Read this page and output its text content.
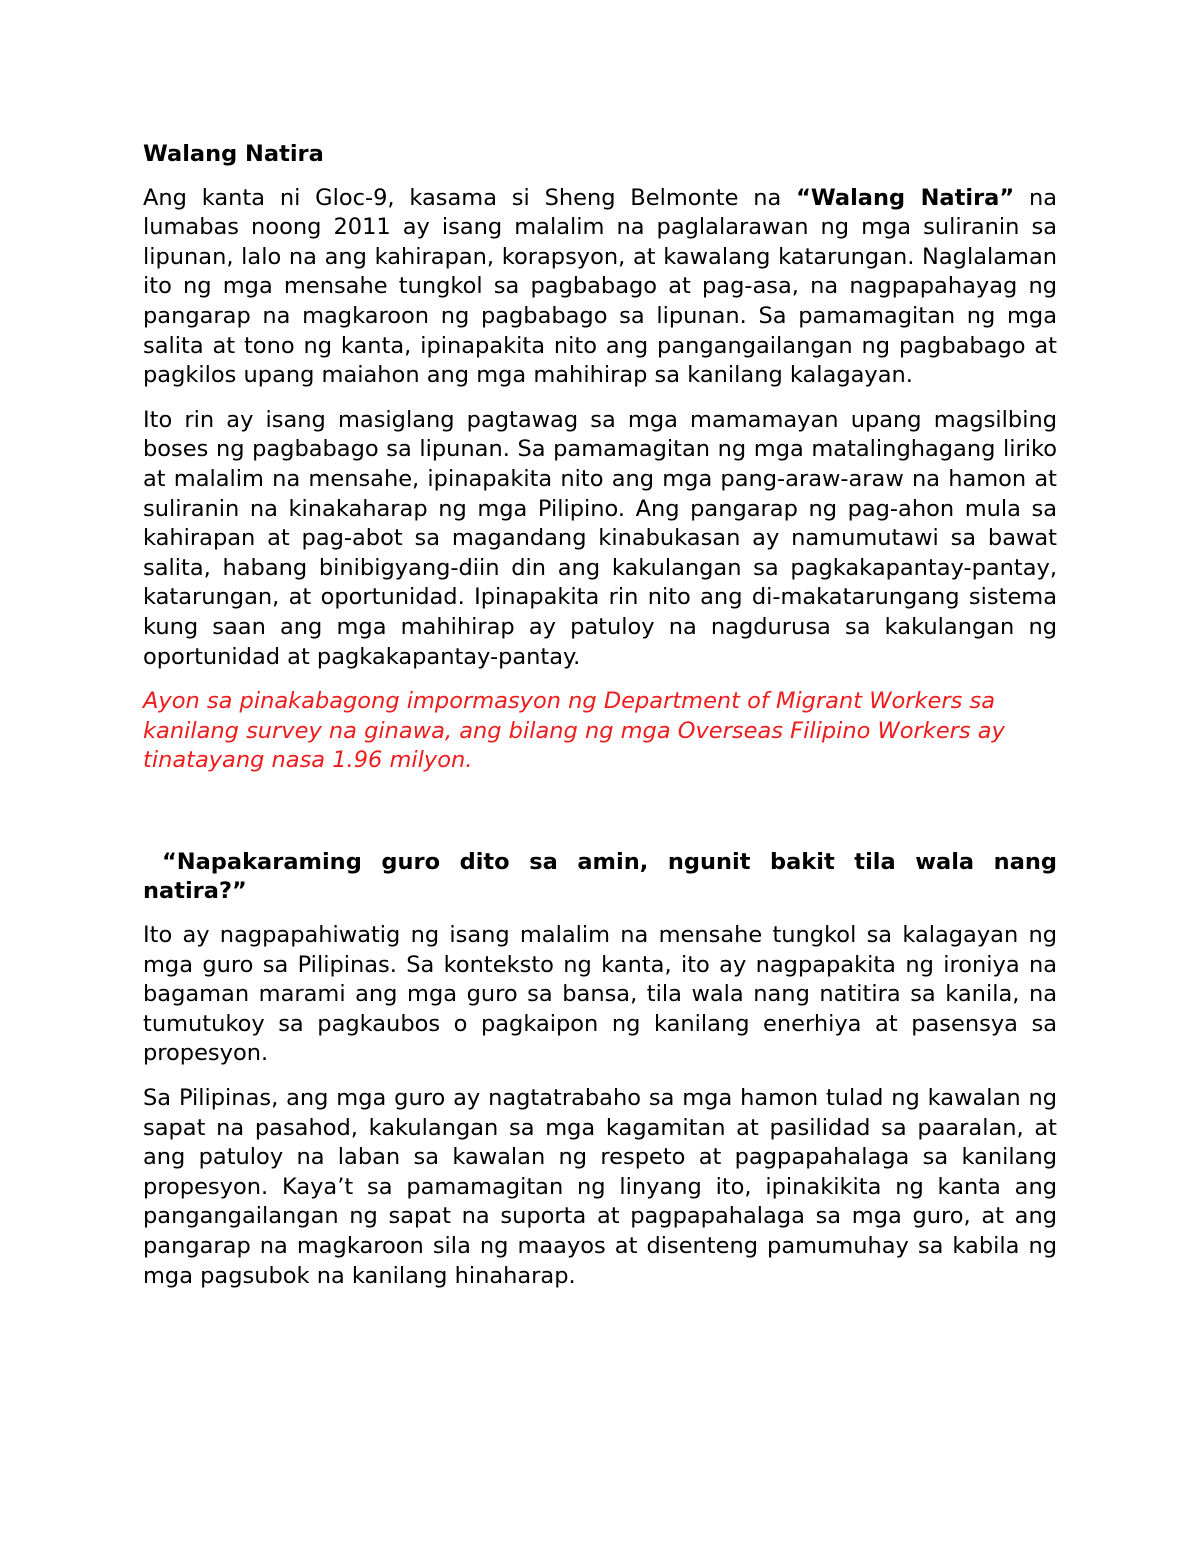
Walang Natira

Ang kanta ni Gloc-9, kasama si Sheng Belmonte na “Walang Natira” na lumabas noong 2011 ay isang malalim na paglalarawan ng mga suliranin sa lipunan, lalo na ang kahirapan, korapsyon, at kawalang katarungan. Naglalaman ito ng mga mensahe tungkol sa pagbabago at pag-asa, na nagpapahayag ng pangarap na magkaroon ng pagbabago sa lipunan. Sa pamamagitan ng mga salita at tono ng kanta, ipinapakita nito ang pangangailangan ng pagbabago at pagkilos upang maiahon ang mga mahihirap sa kanilang kalagayan.

Ito rin ay isang masiglang pagtawag sa mga mamamayan upang magsilbing boses ng pagbabago sa lipunan. Sa pamamagitan ng mga matalinghagang liriko at malalim na mensahe, ipinapakita nito ang mga pang-araw-araw na hamon at suliranin na kinakaharap ng mga Pilipino. Ang pangarap ng pag-ahon mula sa kahirapan at pag-abot sa magandang kinabukasan ay namumutawi sa bawat salita, habang binibigyang-diin din ang kakulangan sa pagkakapantay-pantay, katarungan, at oportunidad. Ipinapakita rin nito ang di-makatarungang sistema kung saan ang mga mahihirap ay patuloy na nagdurusa sa kakulangan ng oportunidad at pagkakapantay-pantay.

Ayon sa pinakabagong impormasyon ng Department of Migrant Workers sa kanilang survey na ginawa, ang bilang ng mga Overseas Filipino Workers ay tinatayang nasa 1.96 milyon.

“Napakaraming guro dito sa amin, ngunit bakit tila wala nang natira?”

Ito ay nagpapahiwatig ng isang malalim na mensahe tungkol sa kalagayan ng mga guro sa Pilipinas. Sa konteksto ng kanta, ito ay nagpapakita ng ironiya na bagaman marami ang mga guro sa bansa, tila wala nang natitira sa kanila, na tumutukoy sa pagkaubos o pagkaipon ng kanilang enerhiya at pasensya sa propesyon.

Sa Pilipinas, ang mga guro ay nagtatrabaho sa mga hamon tulad ng kawalan ng sapat na pasahod, kakulangan sa mga kagamitan at pasilidad sa paaralan, at ang patuloy na laban sa kawalan ng respeto at pagpapahalaga sa kanilang propesyon. Kaya’t sa pamamagitan ng linyang ito, ipinakikita ng kanta ang pangangailangan ng sapat na suporta at pagpapahalaga sa mga guro, at ang pangarap na magkaroon sila ng maayos at disenteng pamumuhay sa kabila ng mga pagsubok na kanilang hinaharap.
